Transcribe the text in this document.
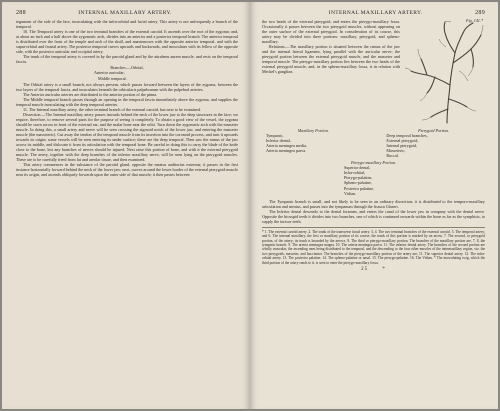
288	INTERNAL MAXILLARY ARTERY.

tegument of the side of the face, inosculating with the infra-orbital and facial artery. This artery is not unfrequently a branch of the temporal.

10. The Temporal artery is one of the two terminal branches of the external carotid. It ascends over the root of the zygoma; and, at about an inch and a half above the zygomatic arch, divides into an anterior and a posterior temporal branch. The anterior temporal is distributed over the front of the temple and arch of the skull, and anastomoses with the opposite anterior temporal, and with the supra-orbital and frontal artery. The posterior temporal curves upwards and backwards, and inosculates with its fellow of the opposite side, with the posterior auricular and occipital artery.

The trunk of the temporal artery is covered in by the parotid gland and by the attrahens aurem muscle, and rests on the temporal fascia.

Branches.—Orbital,
Anterior auricular,
Middle temporal.

The Orbital artery is a small branch, not always present, which passes forward between the layers of the zygoma, between the two layers of the temporal fascia, and inosculates beneath the orbicularis palpebrarum with the palpebral arteries.

The Anterior auricular arteries are distributed to the anterior portion of the pinna.

The Middle temporal branch passes through an opening in the temporal fascia immediately above the zygoma, and supplies the temporal muscle inosculating with the deep temporal arteries.

11. The Internal maxillary artery, the other terminal branch of the external carotid, has next to be examined.

Dissection.—The Internal maxillary artery passes inwards behind the neck of the lower jaw to the deep structures in the face; we require, therefore, to remove several parts for the purpose of seeing it completely. To obtain a good view of the vessel, the zygoma should be sawn across in front of the external ear, and the malar bone near the orbit. Turn down the zygomatic arch with the masseter muscle. In doing this, a small artery and nerve will be seen crossing the sigmoid notch of the lower jaw, and entering the masseter muscle (the masseteric). Cut away the tendon of the temporal muscle from its insertion into the coronoid process, and turn it upwards towards its origin; some vessels will be seen entering its under surface; these are the deep temporal. Then saw the ramus of the jaw across its middle, and dislocate it from its articulation with the temporal bone. Be careful in doing this to carry the blade of the knife close to the bone, lest any branches of nerves should be injured. Next raise this portion of bone, and with it the external pterygoid muscle. The artery, together with the deep branches of the inferior maxillary nerve, will be seen lying on the pterygoid muscles. These are to be carefully freed from fat and areolar tissue, and then examined.

This artery commences in the substance of the parotid gland, opposite the meatus auditorius externus; it passes in the first instance horizontally forward behind the neck of the lower jaw; next, curves around the lower border of the external pterygoid muscle near its origin, and ascends obliquely forwards upon the outer side of that muscle; it then passes between

INTERNAL MAXILLARY ARTERY.	289

the two heads of the external pterygoid, and enters the pterygo-maxillary fossa. Occasionally it passes between the two pterygoid muscles, without appearing on the outer surface of the external pterygoid. In consideration of its course, this artery may be divided into three portions: maxillary, pterygoid, and spheno-maxillary.

Relations.—The maxillary portion is situated between the ramus of the jaw and the internal lateral ligament, lying parallel with the auricular nerve; the pterygoid portion between the external pterygoid muscle, and the masseter and temporal muscle. The pterygo-maxillary portion lies between the two heads of the external pterygoid muscle, and, in the spheno-maxillary fossa, is in relation with Meckel's ganglion.

Fig. 141.*
Maxillary Portion.
Tympanic,
Inferior dental,
Arteria meningea media,
Arteria meningea parva.
Pterygoid Portion.
Deep temporal branches,
External pterygoid,
Internal pterygoid,
Masseteric,
Buccal.
Pterygo-maxillary Portion.
Superior dental,
Infra-orbital,
Pterygo-palatine,
Spheno-palatine,
Posterior palatine,
Vidian.

The Tympanic branch is small, and not likely to be seen in an ordinary dissection; it is distributed to the temporo-maxillary articulation and meatus, and passes into the tympanum through the fissura Glaseri.

The Inferior dental descends to the dental foramen, and enters the canal of the lower jaw in company with the dental nerve. Opposite the bicuspid teeth it divides into two branches, one of which is continued onwards within the bone as far as the symphisis, to supply the incisor teeth.

* 1. The external carotid artery. 2. The trunk of the transverse facial artery. 3, 4. The two terminal branches of the external carotid. 5. The temporal artery; and 6. The internal maxillary, the first or maxillary portion of its course; the trunk of this portion is marked by an arrow. 7. The second, or pterygoid portion, of the artery; its trunk is bounded by the arrows. 8. The third or pterygo-maxillary portion. The branches of the maxillary portion are, 7, 8, the tympanic branch. 9. The arteria meningea magna. 10. The arteria meningea parva. 11. The inferior dental artery. The branches of the second portion are wholly muscular, the ascending ones being distributed to the temporal, and the descending to the four other muscles of the intermaxillary region, viz. the two pterygoids, masseter, and buccinator. The branches of the pterygo-maxillary portion of the artery are, 11. The superior dental artery. 12. The infra-orbital artery. 13. The posterior palatine. 14. The spheno-palatine or nasal. 15. The pterygo-palatine. 16. The Vidian. * The inosculating twig, which the third portion of the artery sends to it, is seen to enter the pterygo-maxillary fossa.
25	*
